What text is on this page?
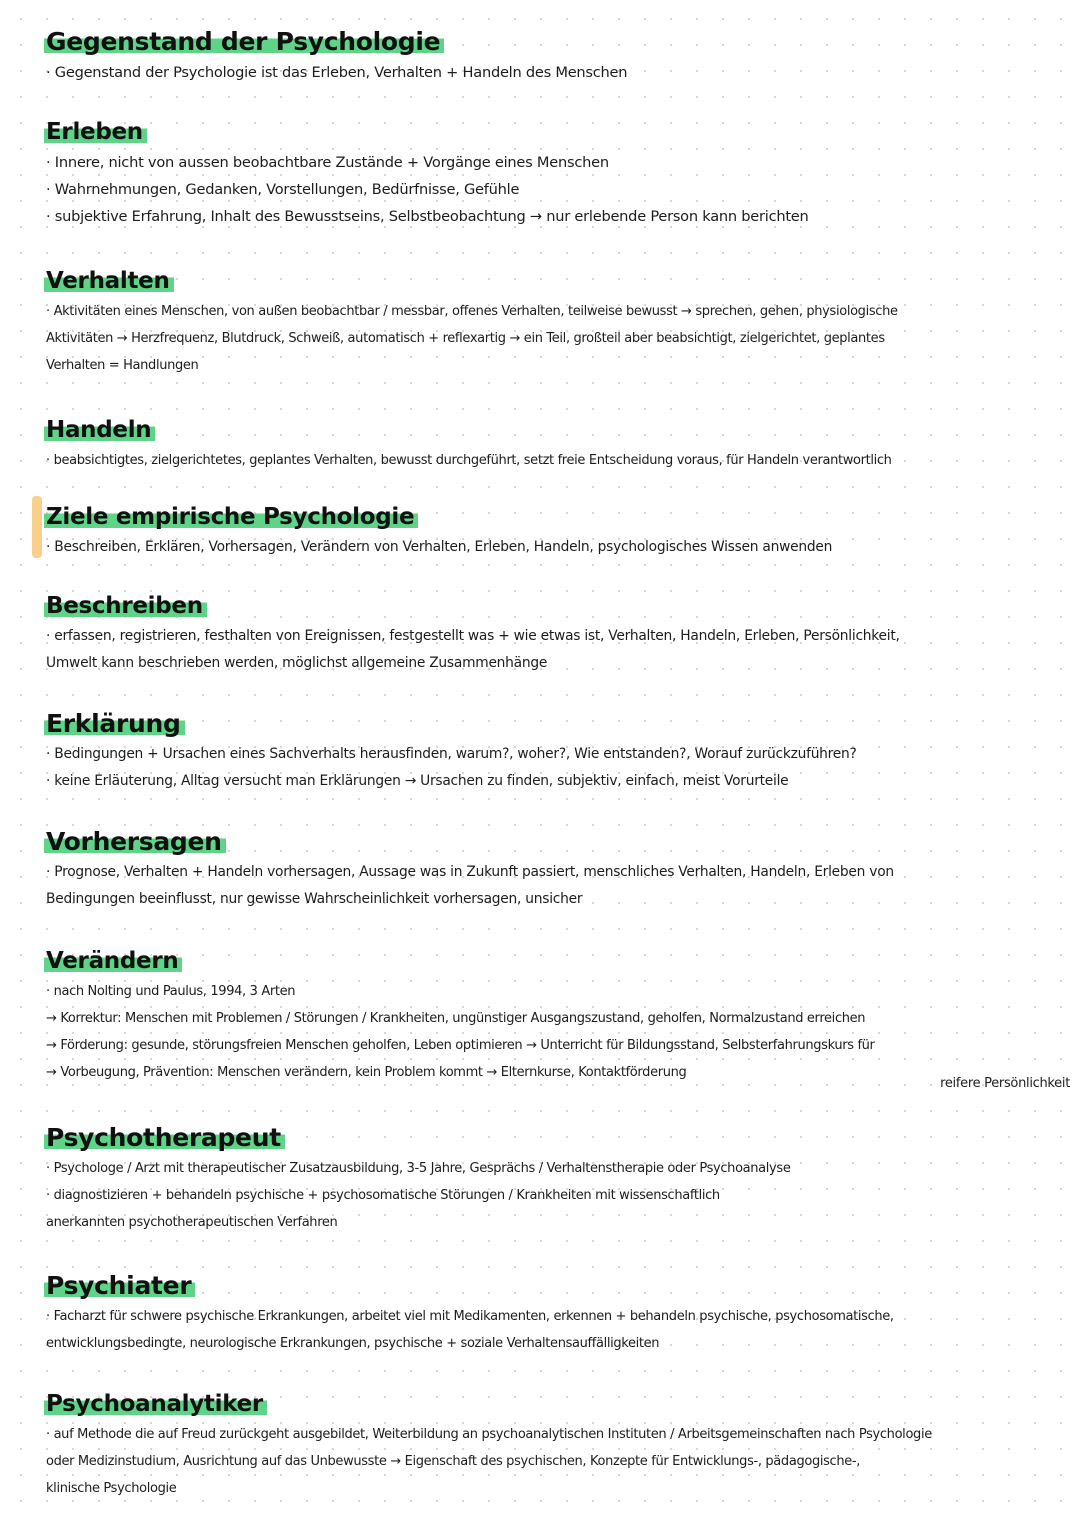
Gegenstand der Psychologie
· Gegenstand der Psychologie ist das Erleben, Verhalten + Handeln des Menschen
Erleben
· Innere, nicht von aussen beobachtbare Zustände + Vorgänge eines Menschen
· Wahrnehmungen, Gedanken, Vorstellungen, Bedürfnisse, Gefühle
· subjektive Erfahrung, Inhalt des Bewusstseins, Selbstbeobachtung → nur erlebende Person kann berichten
Verhalten
· Aktivitäten eines Menschen, von außen beobachtbar / messbar, offenes Verhalten, teilweise bewusst → sprechen, gehen, physiologische
Aktivitäten → Herzfrequenz, Blutdruck, Schweiß, automatisch + reflexartig → ein Teil, großteil aber beabsichtigt, zielgerichtet, geplantes
Verhalten = Handlungen
Handeln
· beabsichtigtes, zielgerichtetes, geplantes Verhalten, bewusst durchgeführt, setzt freie Entscheidung voraus, für Handeln verantwortlich
Ziele empirische Psychologie
· Beschreiben, Erklären, Vorhersagen, Verändern von Verhalten, Erleben, Handeln, psychologisches Wissen anwenden
Beschreiben
· erfassen, registrieren, festhalten von Ereignissen, festgestellt was + wie etwas ist, Verhalten, Handeln, Erleben, Persönlichkeit,
Umwelt kann beschrieben werden, möglichst allgemeine Zusammenhänge
Erklärung
· Bedingungen + Ursachen eines Sachverhalts herausfinden, warum?, woher?, Wie entstanden?, Worauf zurückzuführen?
· keine Erläuterung, Alltag versucht man Erklärungen → Ursachen zu finden, subjektiv, einfach, meist Vorurteile
Vorhersagen
· Prognose, Verhalten + Handeln vorhersagen, Aussage was in Zukunft passiert, menschliches Verhalten, Handeln, Erleben von
Bedingungen beeinflusst, nur gewisse Wahrscheinlichkeit vorhersagen, unsicher
Verändern
· nach Nolting und Paulus, 1994, 3 Arten
→ Korrektur: Menschen mit Problemen / Störungen / Krankheiten, ungünstiger Ausgangszustand, geholfen, Normalzustand erreichen
→ Förderung: gesunde, störungsfreien Menschen geholfen, Leben optimieren → Unterricht für Bildungsstand, Selbsterfahrungskurs für
→ Vorbeugung, Prävention: Menschen verändern, kein Problem kommt → Elternkurse, Kontaktförderung
reifere Persönlichkeit
Psychotherapeut
· Psychologe / Arzt mit therapeutischer Zusatzausbildung, 3-5 Jahre, Gesprächs / Verhaltenstherapie oder Psychoanalyse
· diagnostizieren + behandeln psychische + psychosomatische Störungen / Krankheiten mit wissenschaftlich
anerkannten psychotherapeutischen Verfahren
Psychiater
· Facharzt für schwere psychische Erkrankungen, arbeitet viel mit Medikamenten, erkennen + behandeln psychische, psychosomatische,
entwicklungsbedingte, neurologische Erkrankungen, psychische + soziale Verhaltensauffälligkeiten
Psychoanalytiker
· auf Methode die auf Freud zurückgeht ausgebildet, Weiterbildung an psychoanalytischen Instituten / Arbeitsgemeinschaften nach Psychologie
oder Medizinstudium, Ausrichtung auf das Unbewusste → Eigenschaft des psychischen, Konzepte für Entwicklungs-, pädagogische-,
klinische Psychologie
